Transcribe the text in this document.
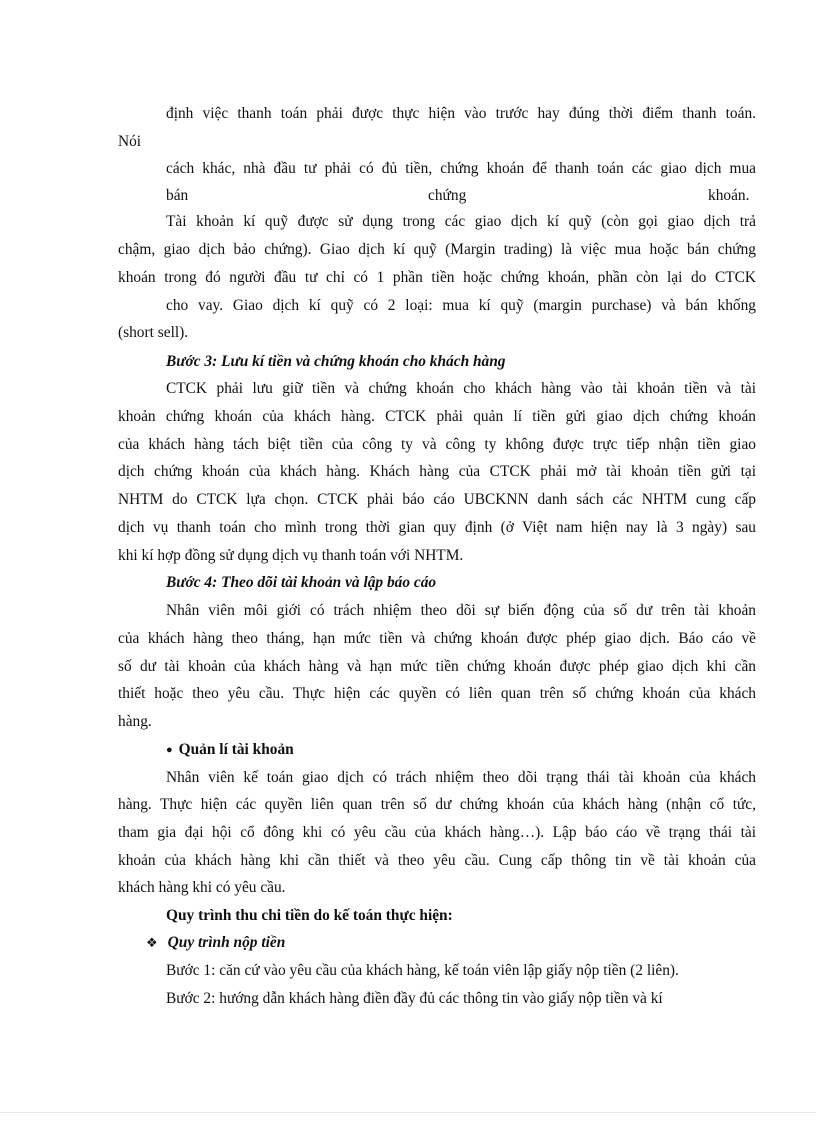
định việc thanh toán phải được thực hiện vào trước hay đúng thời điểm thanh toán.

Nói

cách khác, nhà đầu tư phải có đủ tiền, chứng khoán để thanh toán các giao dịch mua

bán	chứng	khoán.

Tài khoản kí quỹ được sử dụng trong các giao dịch kí quỹ (còn gọi giao dịch trả

chậm, giao dịch bảo chứng). Giao dịch kí quỹ (Margin trading) là việc mua hoặc bán chứng

khoán trong đó người đầu tư chỉ có 1 phần tiền hoặc chứng khoán, phần còn lại do CTCK

cho vay. Giao dịch kí quỹ có 2 loại: mua kí quỹ (margin purchase) và bán khống

(short sell).

Bước 3: Lưu kí tiền và chứng khoán cho khách hàng

CTCK phải lưu giữ tiền và chứng khoán cho khách hàng vào tài khoản tiền và tài

khoản chứng khoán của khách hàng. CTCK phải quản lí tiền gửi giao dịch chứng khoán

của khách hàng tách biệt tiền của công ty và công ty không được trực tiếp nhận tiền giao

dịch chứng khoán của khách hàng. Khách hàng của CTCK phải mở tài khoản tiền gửi tại

NHTM do CTCK lựa chọn. CTCK phải báo cáo UBCKNN danh sách các NHTM cung cấp

dịch vụ thanh toán cho mình trong thời gian quy định (ở Việt nam hiện nay là 3 ngày) sau

khi kí hợp đồng sử dụng dịch vụ thanh toán với NHTM.

Bước 4: Theo dõi tài khoản và lập báo cáo

Nhân viên môi giới có trách nhiệm theo dõi sự biến động của số dư trên tài khoản

của khách hàng theo tháng, hạn mức tiền và chứng khoán được phép giao dịch. Báo cáo về

số dư tài khoản của khách hàng và hạn mức tiền chứng khoán được phép giao dịch khi cần

thiết hoặc theo yêu cầu. Thực hiện các quyền có liên quan trên số chứng khoán của khách

hàng.

● Quản lí tài khoản

Nhân viên kế toán giao dịch có trách nhiệm theo dõi trạng thái tài khoản của khách

hàng. Thực hiện các quyền liên quan trên số dư chứng khoán của khách hàng (nhận cổ tức,

tham gia đại hội cổ đông khi có yêu cầu của khách hàng…). Lập báo cáo về trạng thái tài

khoản của khách hàng khi cần thiết và theo yêu cầu. Cung cấp thông tin về tài khoản của

khách hàng khi có yêu cầu.

Quy trình thu chi tiền do kế toán thực hiện:

❖ Quy trình nộp tiền

Bước 1: căn cứ vào yêu cầu của khách hàng, kế toán viên lập giấy nộp tiền (2 liên).

Bước 2: hướng dẫn khách hàng điền đầy đủ các thông tin vào giấy nộp tiền và kí
